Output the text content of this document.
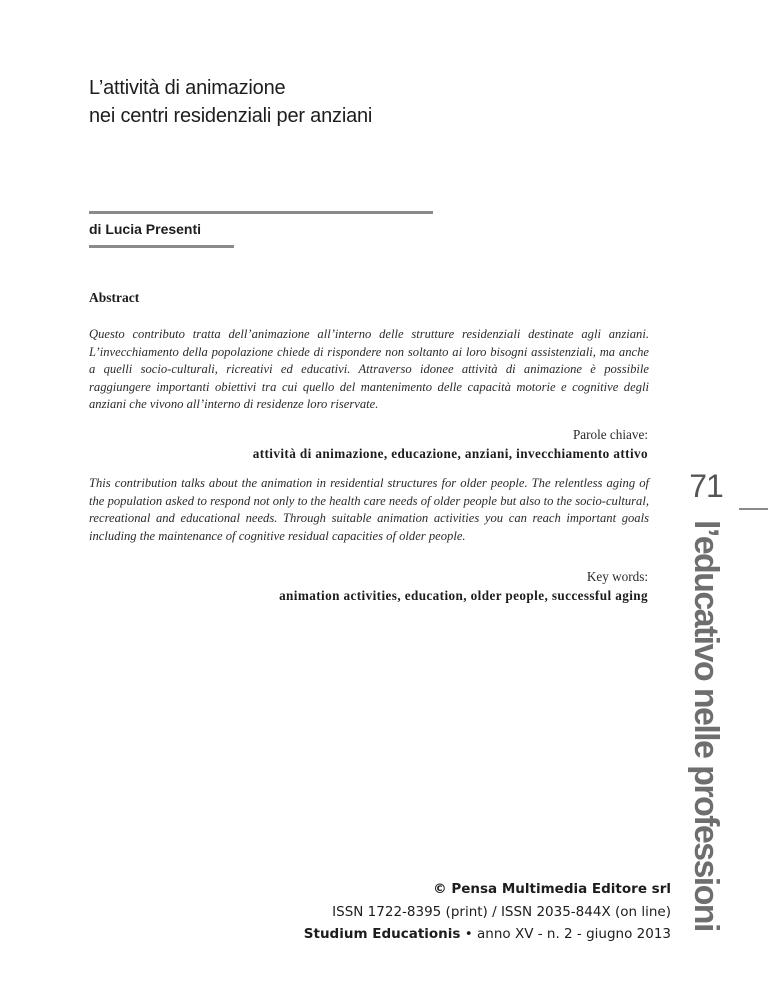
L’attività di animazione
nei centri residenziali per anziani
di Lucia Presenti
Abstract

Questo contributo tratta dell’animazione all’interno delle strutture residenziali destinate agli anziani. L’invecchiamento della popolazione chiede di rispondere non soltanto ai loro bisogni assistenziali, ma anche a quelli socio-culturali, ricreativi ed educativi. Attraverso idonee attività di animazione è possibile raggiungere importanti obiettivi tra cui quello del mantenimento delle capacità motorie e cognitive degli anziani che vivono all’interno di residenze loro riservate.

Parole chiave:
attività di animazione, educazione, anziani, invecchiamento attivo

This contribution talks about the animation in residential structures for older people. The relentless aging of the population asked to respond not only to the health care needs of older people but also to the socio-cultural, recreational and educational needs. Through suitable animation activities you can reach important goals including the maintenance of cognitive residual capacities of older people.

Key words:
animation activities, education, older people, successful aging
71
l’educativo nelle professioni
© Pensa Multimedia Editore srl
ISSN 1722-8395 (print) / ISSN 2035-844X (on line)
Studium Educationis • anno XV - n. 2 - giugno 2013
